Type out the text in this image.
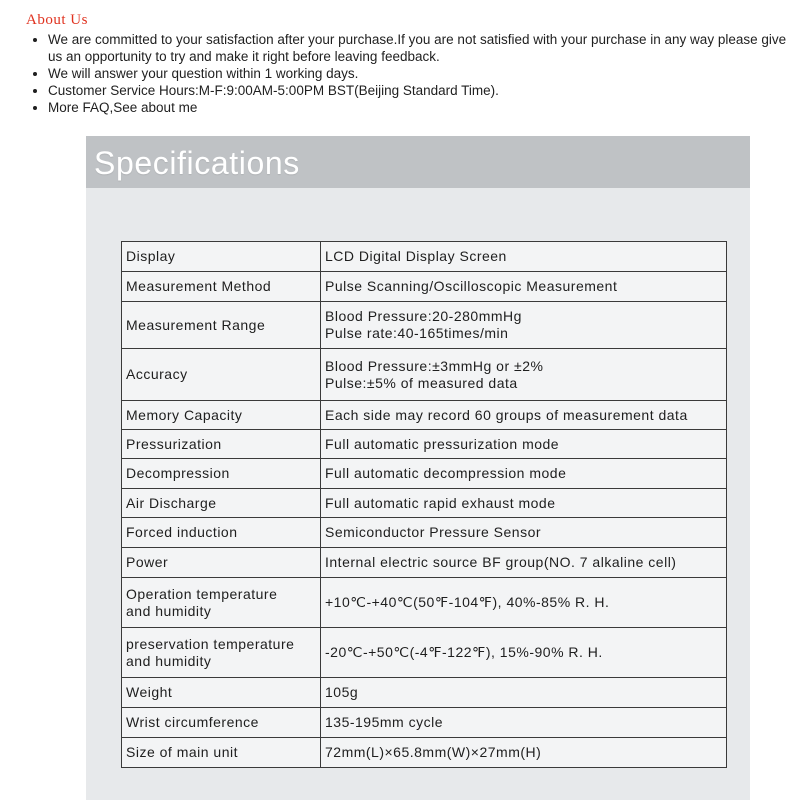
About Us
• We are committed to your satisfaction after your purchase.If you are not satisfied with your purchase in any way please give us an opportunity to try and make it right before leaving feedback.
• We will answer your question within 1 working days.
• Customer Service Hours:M-F:9:00AM-5:00PM BST(Beijing Standard Time).
• More FAQ,See about me
Specifications
Display	LCD Digital Display Screen

Measurement Method	Pulse Scanning/Oscilloscopic Measurement

Measurement Range	Blood Pressure:20-280mmHg
Pulse rate:40-165times/min

Accuracy	Blood Pressure:±3mmHg or ±2%
Pulse:±5% of measured data

Memory Capacity	Each side may record 60 groups of measurement data

Pressurization	Full automatic pressurization mode

Decompression	Full automatic decompression mode

Air Discharge	Full automatic rapid exhaust mode

Forced induction	Semiconductor Pressure Sensor

Power	Internal electric source BF group(NO. 7 alkaline cell)

Operation temperature
and humidity	+10℃-+40℃(50℉-104℉), 40%-85% R. H.

preservation temperature
and humidity	-20℃-+50℃(-4℉-122℉), 15%-90% R. H.

Weight	105g

Wrist circumference	135-195mm cycle

Size of main unit	72mm(L)×65.8mm(W)×27mm(H)
